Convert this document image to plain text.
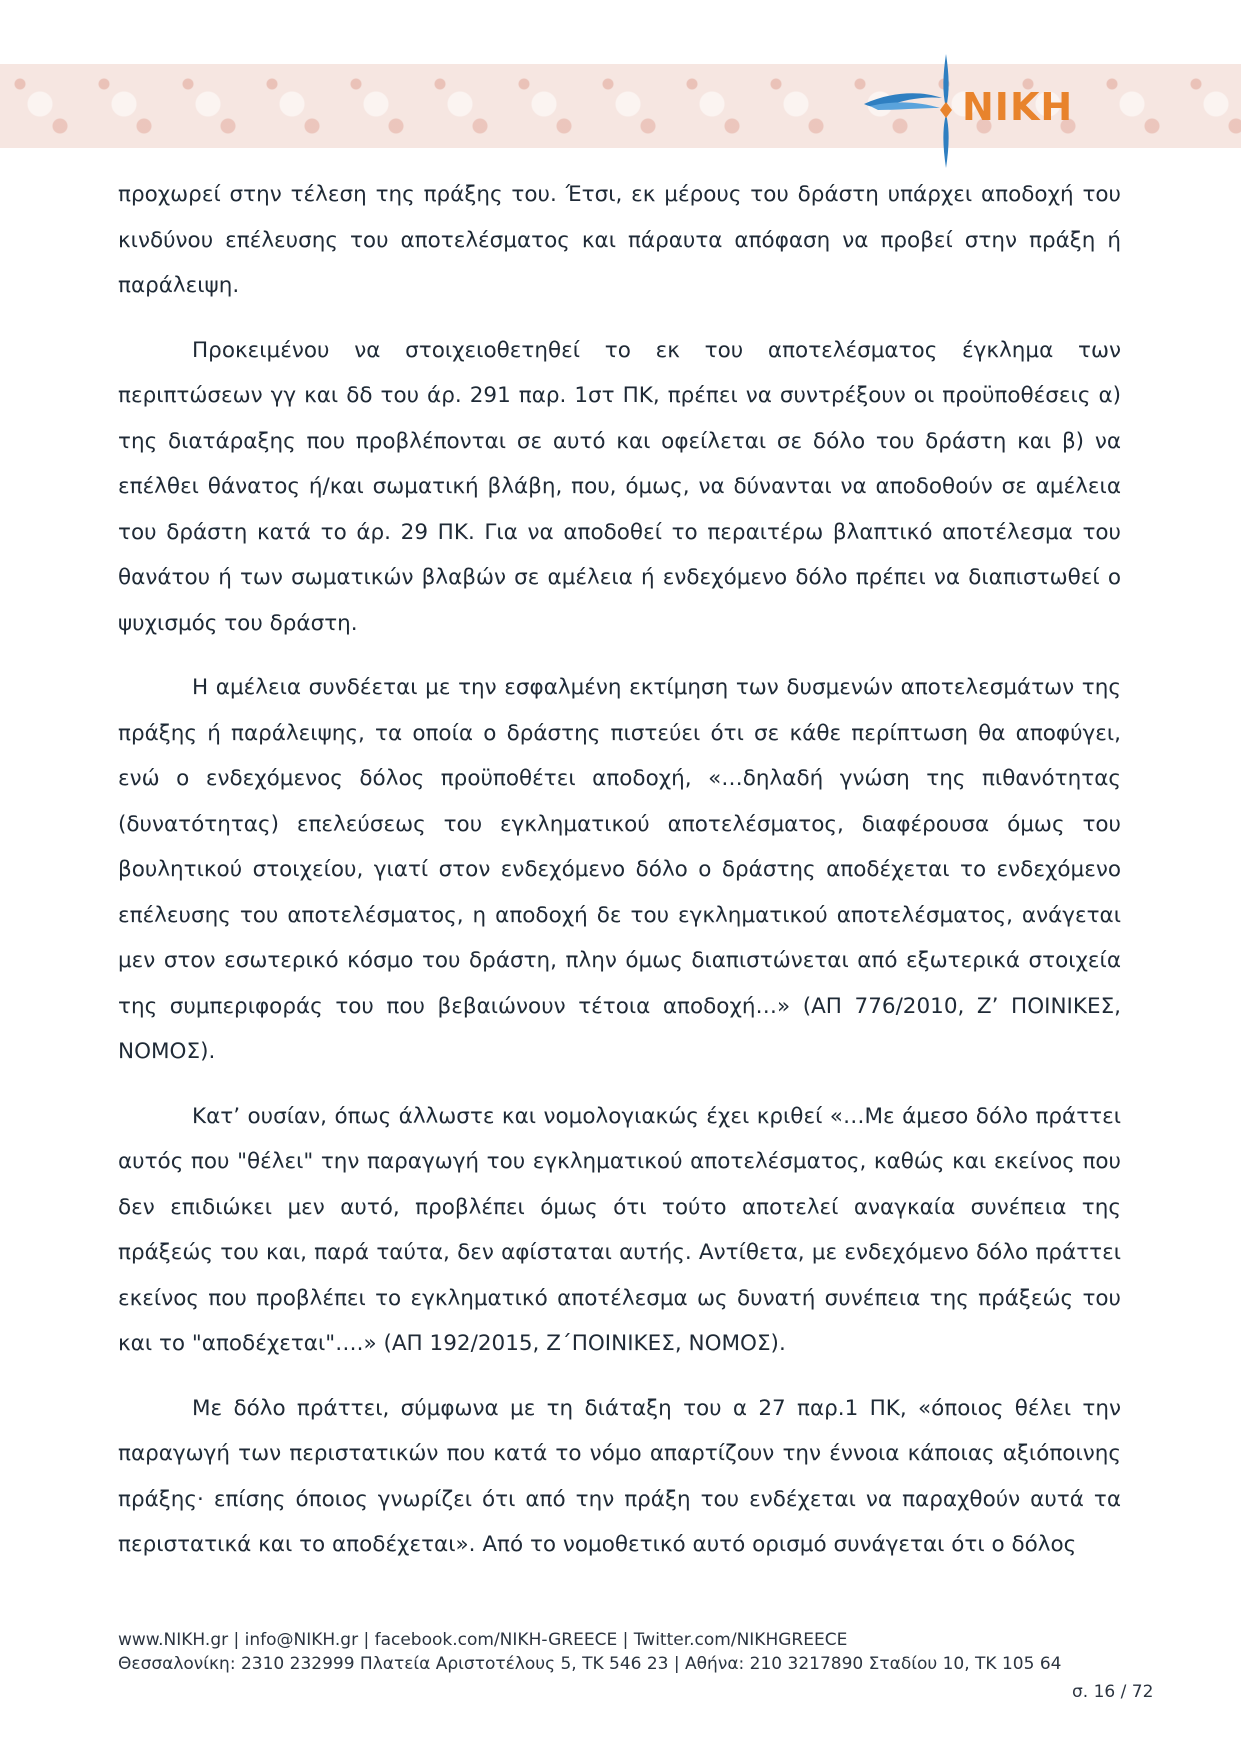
NIKH

προχωρεί στην τέλεση της πράξης του. Έτσι, εκ μέρους του δράστη υπάρχει αποδοχή του κινδύνου επέλευσης του αποτελέσματος και πάραυτα απόφαση να προβεί στην πράξη ή παράλειψη.

Προκειμένου να στοιχειοθετηθεί το εκ του αποτελέσματος έγκλημα των περιπτώσεων γγ και δδ του άρ. 291 παρ. 1στ ΠΚ, πρέπει να συντρέξουν οι προϋποθέσεις α) της διατάραξης που προβλέπονται σε αυτό και οφείλεται σε δόλο του δράστη και β) να επέλθει θάνατος ή/και σωματική βλάβη, που, όμως, να δύνανται να αποδοθούν σε αμέλεια του δράστη κατά το άρ. 29 ΠΚ. Για να αποδοθεί το περαιτέρω βλαπτικό αποτέλεσμα του θανάτου ή των σωματικών βλαβών σε αμέλεια ή ενδεχόμενο δόλο πρέπει να διαπιστωθεί ο ψυχισμός του δράστη.

Η αμέλεια συνδέεται με την εσφαλμένη εκτίμηση των δυσμενών αποτελεσμάτων της πράξης ή παράλειψης, τα οποία ο δράστης πιστεύει ότι σε κάθε περίπτωση θα αποφύγει, ενώ ο ενδεχόμενος δόλος προϋποθέτει αποδοχή, «…δηλαδή γνώση της πιθανότητας (δυνατότητας) επελεύσεως του εγκληματικού αποτελέσματος, διαφέρουσα όμως του βουλητικού στοιχείου, γιατί στον ενδεχόμενο δόλο ο δράστης αποδέχεται το ενδεχόμενο επέλευσης του αποτελέσματος, η αποδοχή δε του εγκληματικού αποτελέσματος, ανάγεται μεν στον εσωτερικό κόσμο του δράστη, πλην όμως διαπιστώνεται από εξωτερικά στοιχεία της συμπεριφοράς του που βεβαιώνουν τέτοια αποδοχή…» (ΑΠ 776/2010, Ζ’ ΠΟΙΝΙΚΕΣ, ΝΟΜΟΣ).

Κατ’ ουσίαν, όπως άλλωστε και νομολογιακώς έχει κριθεί «…Με άμεσο δόλο πράττει αυτός που "θέλει" την παραγωγή του εγκληματικού αποτελέσματος, καθώς και εκείνος που δεν επιδιώκει μεν αυτό, προβλέπει όμως ότι τούτο αποτελεί αναγκαία συνέπεια της πράξεώς του και, παρά ταύτα, δεν αφίσταται αυτής. Αντίθετα, με ενδεχόμενο δόλο πράττει εκείνος που προβλέπει το εγκληματικό αποτέλεσμα ως δυνατή συνέπεια της πράξεώς του και το "αποδέχεται"….» (ΑΠ 192/2015, Ζ΄ΠΟΙΝΙΚΕΣ, ΝΟΜΟΣ).

Με δόλο πράττει, σύμφωνα με τη διάταξη του α 27 παρ.1 ΠΚ, «όποιος θέλει την παραγωγή των περιστατικών που κατά το νόμο απαρτίζουν την έννοια κάποιας αξιόποινης πράξης· επίσης όποιος γνωρίζει ότι από την πράξη του ενδέχεται να παραχθούν αυτά τα περιστατικά και το αποδέχεται». Από το νομοθετικό αυτό ορισμό συνάγεται ότι ο δόλος

www.NIKH.gr | info@NIKH.gr | facebook.com/NIKH-GREECE | Twitter.com/NIKHGREECE
Θεσσαλονίκη: 2310 232999 Πλατεία Αριστοτέλους 5, ΤΚ 546 23 | Αθήνα: 210 3217890 Σταδίου 10, ΤΚ 105 64
σ. 16 / 72
